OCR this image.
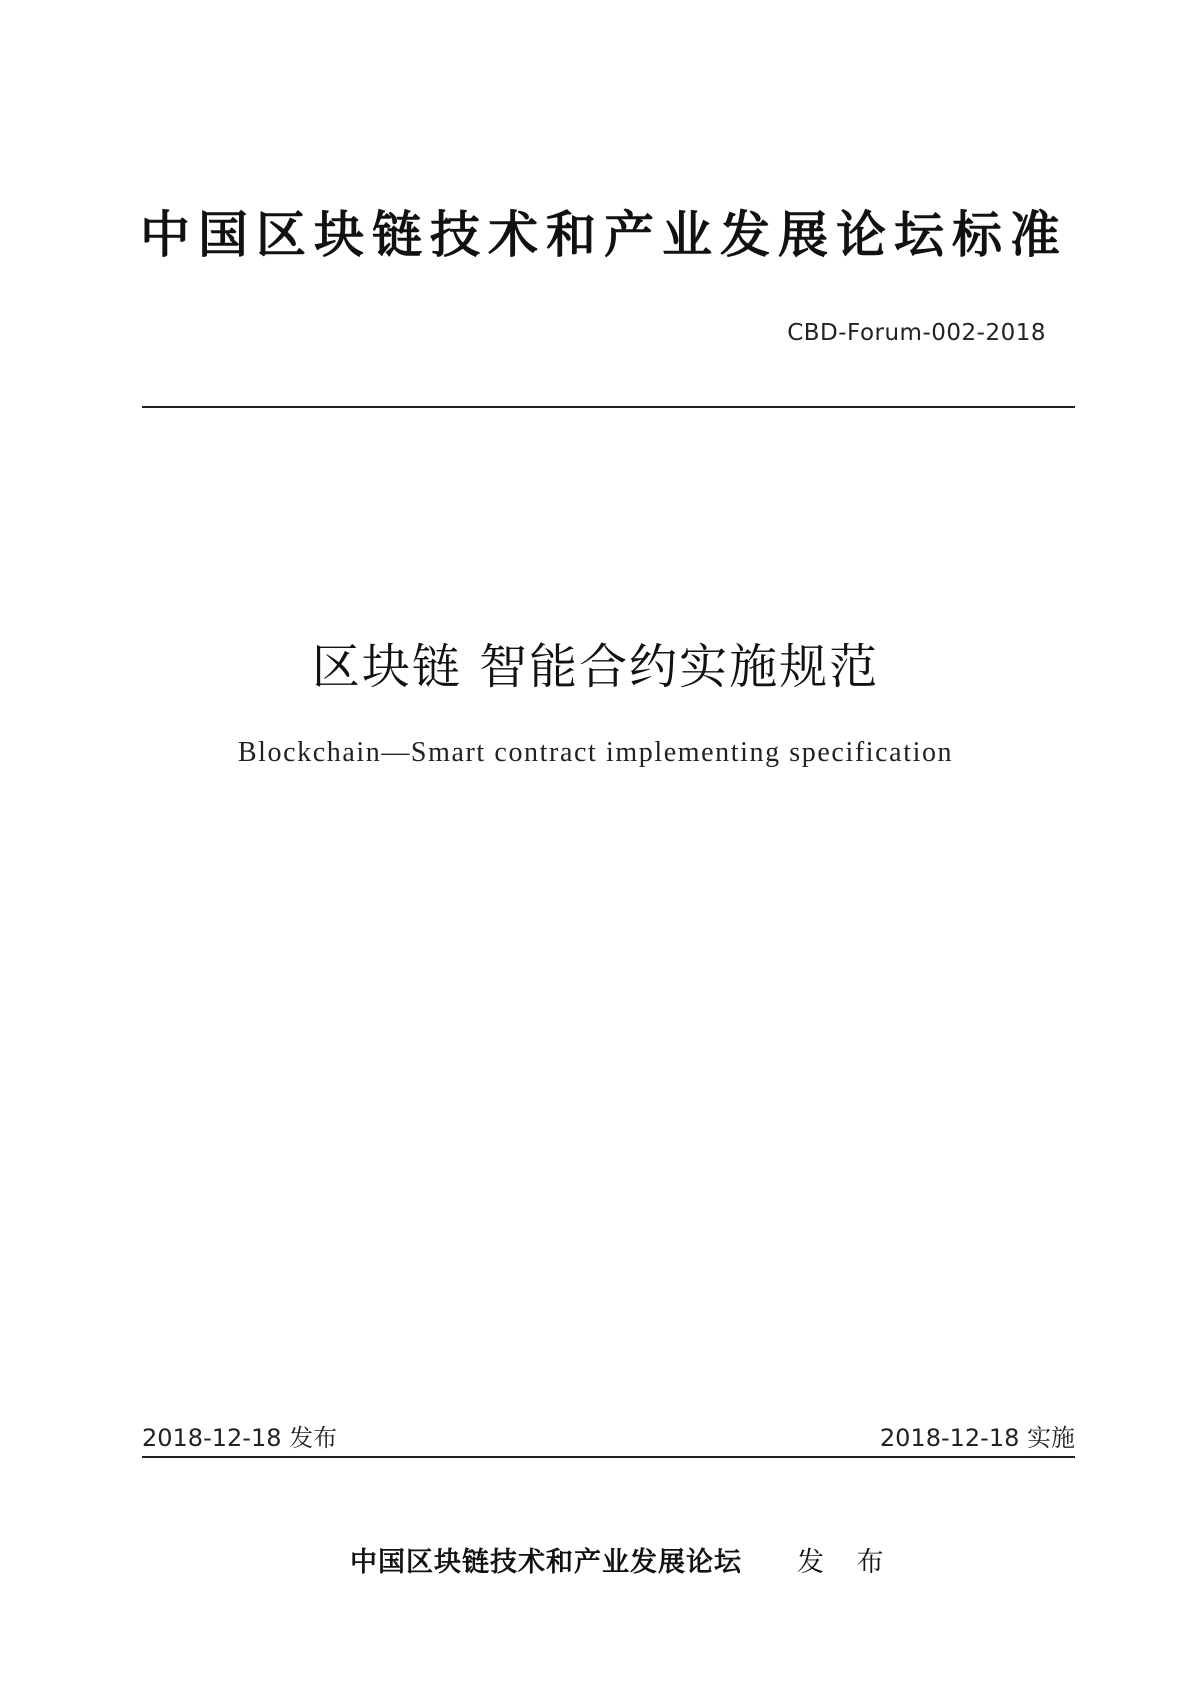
中国区块链技术和产业发展论坛标准
CBD-Forum-002-2018
区块链 智能合约实施规范
Blockchain—Smart contract implementing specification
2018-12-18 发布	2018-12-18 实施
中国区块链技术和产业发展论坛 发 布
